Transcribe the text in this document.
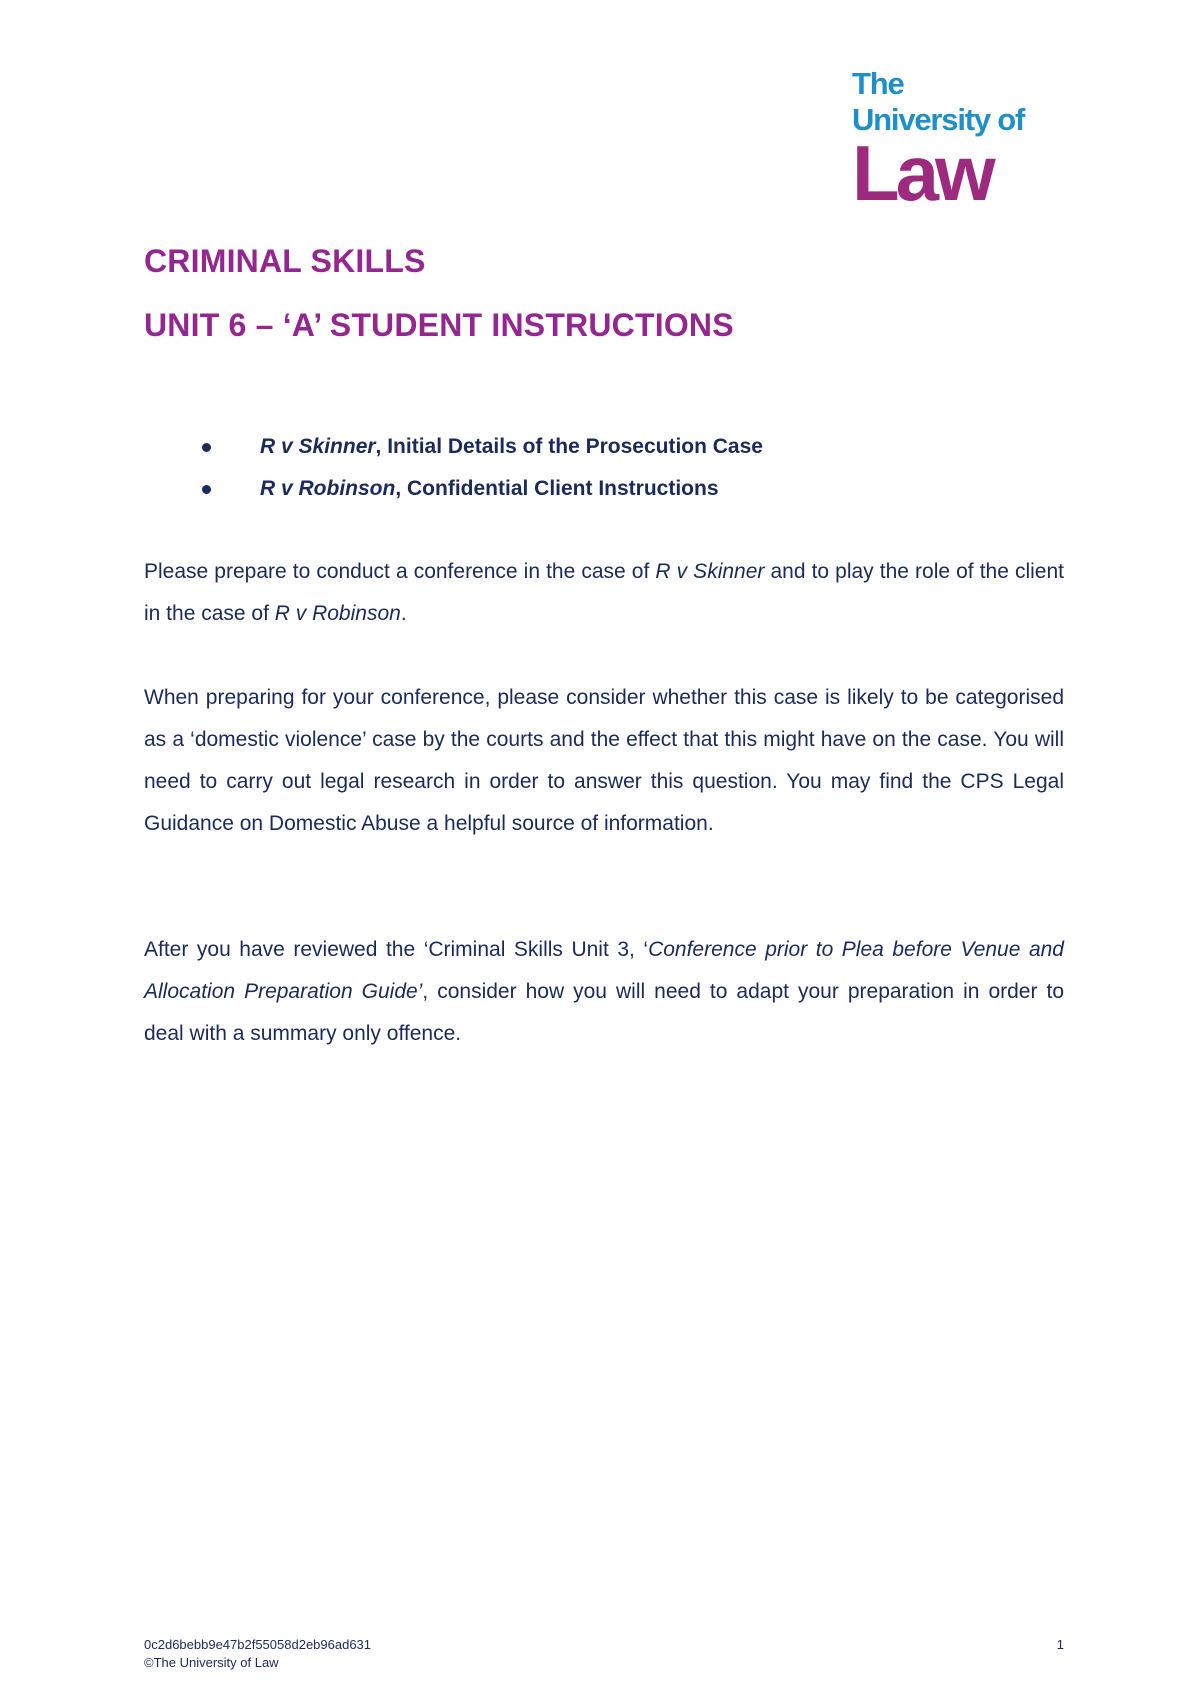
The
University of
Law
CRIMINAL SKILLS
UNIT 6 – ‘A’ STUDENT INSTRUCTIONS
R v Skinner, Initial Details of the Prosecution Case
R v Robinson, Confidential Client Instructions

Please prepare to conduct a conference in the case of R v Skinner and to play the role of the client in the case of R v Robinson.

When preparing for your conference, please consider whether this case is likely to be categorised as a ‘domestic violence’ case by the courts and the effect that this might have on the case. You will need to carry out legal research in order to answer this question. You may find the CPS Legal Guidance on Domestic Abuse a helpful source of information.

After you have reviewed the ‘Criminal Skills Unit 3, ‘Conference prior to Plea before Venue and Allocation Preparation Guide’, consider how you will need to adapt your preparation in order to deal with a summary only offence.

0c2d6bebb9e47b2f55058d2eb96ad631
©The University of Law
1
